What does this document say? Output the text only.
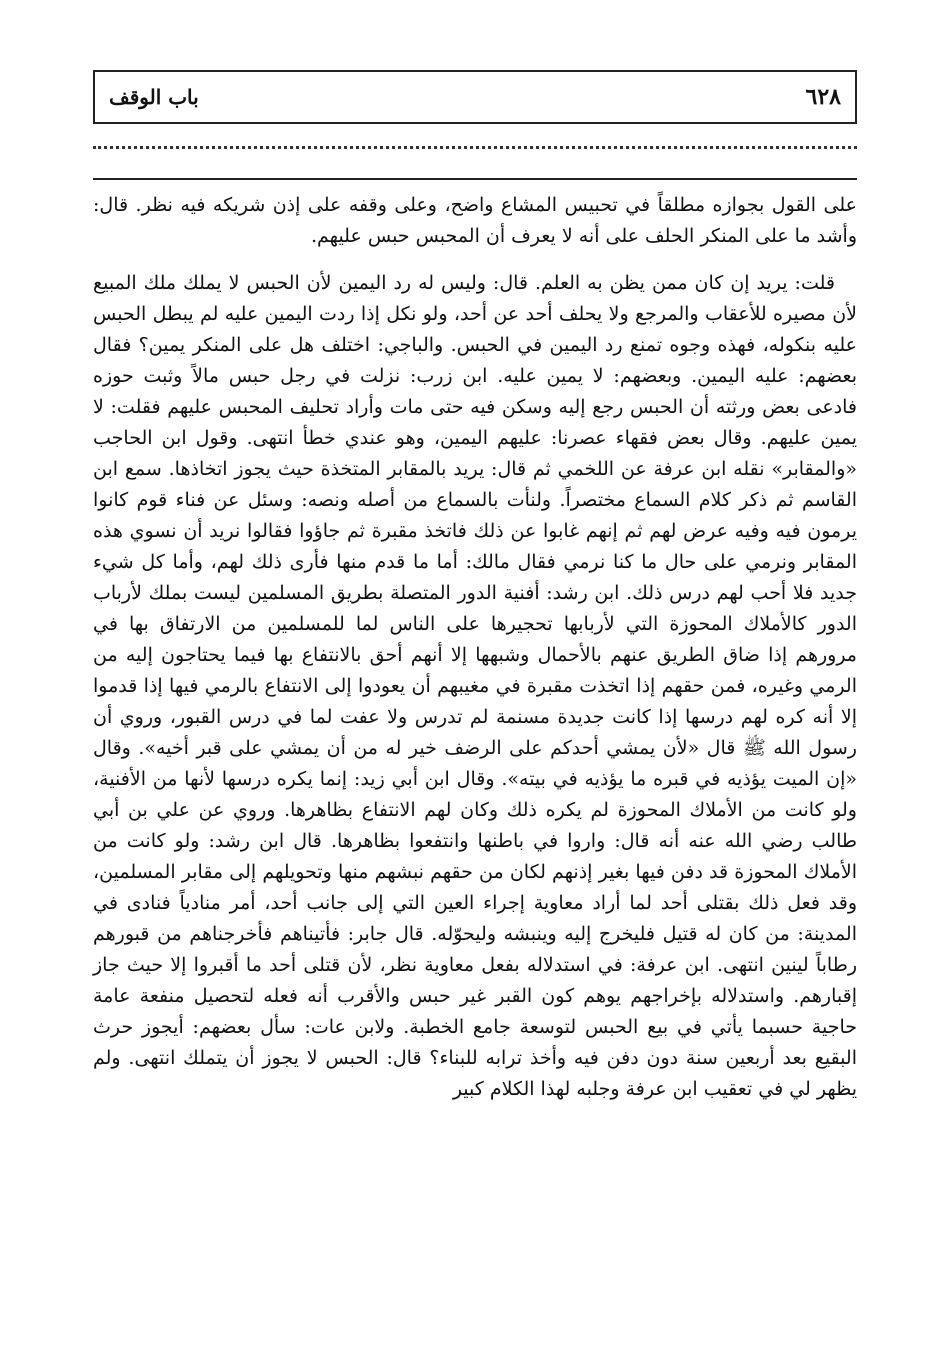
٦٢٨
باب الوقف

على القول بجوازه مطلقاً في تحبيس المشاع واضح، وعلى وقفه على إذن شريكه فيه نظر. قال: وأشد ما على المنكر الحلف على أنه لا يعرف أن المحبس حبس عليهم.

قلت: يريد إن كان ممن يظن به العلم. قال: وليس له رد اليمين لأن الحبس لا يملك ملك المبيع لأن مصيره للأعقاب والمرجع ولا يحلف أحد عن أحد، ولو نكل إذا ردت اليمين عليه لم يبطل الحبس عليه بنكوله، فهذه وجوه تمنع رد اليمين في الحبس. والباجي: اختلف هل على المنكر يمين؟ فقال بعضهم: عليه اليمين. وبعضهم: لا يمين عليه. ابن زرب: نزلت في رجل حبس مالاً وثبت حوزه فادعى بعض ورثته أن الحبس رجع إليه وسكن فيه حتى مات وأراد تحليف المحبس عليهم فقلت: لا يمين عليهم. وقال بعض فقهاء عصرنا: عليهم اليمين، وهو عندي خطأ انتهى. وقول ابن الحاجب «والمقابر» نقله ابن عرفة عن اللخمي ثم قال: يريد بالمقابر المتخذة حيث يجوز اتخاذها. سمع ابن القاسم ثم ذكر كلام السماع مختصراً. ولنأت بالسماع من أصله ونصه: وسئل عن فناء قوم كانوا يرمون فيه وفيه عرض لهم ثم إنهم غابوا عن ذلك فاتخذ مقبرة ثم جاؤوا فقالوا نريد أن نسوي هذه المقابر ونرمي على حال ما كنا نرمي فقال مالك: أما ما قدم منها فأرى ذلك لهم، وأما كل شيء جديد فلا أحب لهم درس ذلك. ابن رشد: أفنية الدور المتصلة بطريق المسلمين ليست بملك لأرباب الدور كالأملاك المحوزة التي لأربابها تحجيرها على الناس لما للمسلمين من الارتفاق بها في مرورهم إذا ضاق الطريق عنهم بالأحمال وشبهها إلا أنهم أحق بالانتفاع بها فيما يحتاجون إليه من الرمي وغيره، فمن حقهم إذا اتخذت مقبرة في مغيبهم أن يعودوا إلى الانتفاع بالرمي فيها إذا قدموا إلا أنه كره لهم درسها إذا كانت جديدة مسنمة لم تدرس ولا عفت لما في درس القبور، وروي أن رسول الله ﷺ قال «لأن يمشي أحدكم على الرضف خير له من أن يمشي على قبر أخيه». وقال «إن الميت يؤذيه في قبره ما يؤذيه في بيته». وقال ابن أبي زيد: إنما يكره درسها لأنها من الأفنية، ولو كانت من الأملاك المحوزة لم يكره ذلك وكان لهم الانتفاع بظاهرها. وروي عن علي بن أبي طالب رضي الله عنه أنه قال: واروا في باطنها وانتفعوا بظاهرها. قال ابن رشد: ولو كانت من الأملاك المحوزة قد دفن فيها بغير إذنهم لكان من حقهم نبشهم منها وتحويلهم إلى مقابر المسلمين، وقد فعل ذلك بقتلى أحد لما أراد معاوية إجراء العين التي إلى جانب أحد، أمر منادياً فنادى في المدينة: من كان له قتيل فليخرج إليه وينبشه وليحوّله. قال جابر: فأتيناهم فأخرجناهم من قبورهم رطاباً لينين انتهى. ابن عرفة: في استدلاله بفعل معاوية نظر، لأن قتلى أحد ما أقبروا إلا حيث جاز إقبارهم. واستدلاله بإخراجهم يوهم كون القبر غير حبس والأقرب أنه فعله لتحصيل منفعة عامة حاجية حسبما يأتي في بيع الحبس لتوسعة جامع الخطبة. ولابن عات: سأل بعضهم: أيجوز حرث البقيع بعد أربعين سنة دون دفن فيه وأخذ ترابه للبناء؟ قال: الحبس لا يجوز أن يتملك انتهى. ولم يظهر لي في تعقيب ابن عرفة وجلبه لهذا الكلام كبير
